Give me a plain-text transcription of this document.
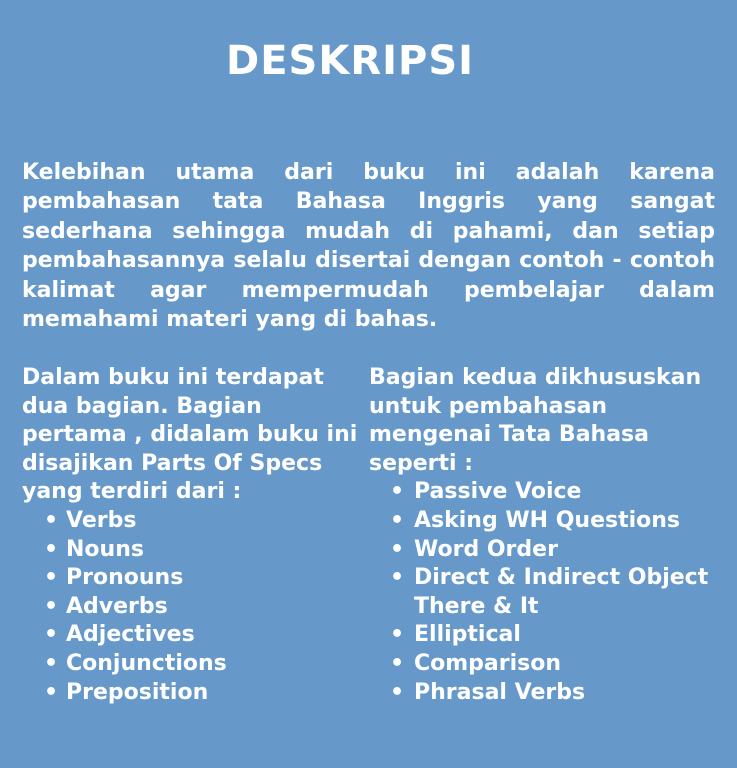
DESKRIPSI

Kelebihan utama dari buku ini adalah karena pembahasan tata Bahasa Inggris yang sangat sederhana sehingga mudah di pahami, dan setiap pembahasannya selalu disertai dengan contoh - contoh kalimat agar mempermudah pembelajar dalam memahami materi yang di bahas.

Dalam buku ini terdapat

dua bagian. Bagian

pertama , didalam buku ini

disajikan Parts Of Specs

yang terdiri dari :

• Verbs
• Nouns
• Pronouns
• Adverbs
• Adjectives
• Conjunctions
• Preposition

Bagian kedua dikhususkan

untuk pembahasan

mengenai Tata Bahasa

seperti :

• Passive Voice
• Asking WH Questions
• Word Order
• Direct & Indirect Object
There & It
• Elliptical
• Comparison
• Phrasal Verbs
